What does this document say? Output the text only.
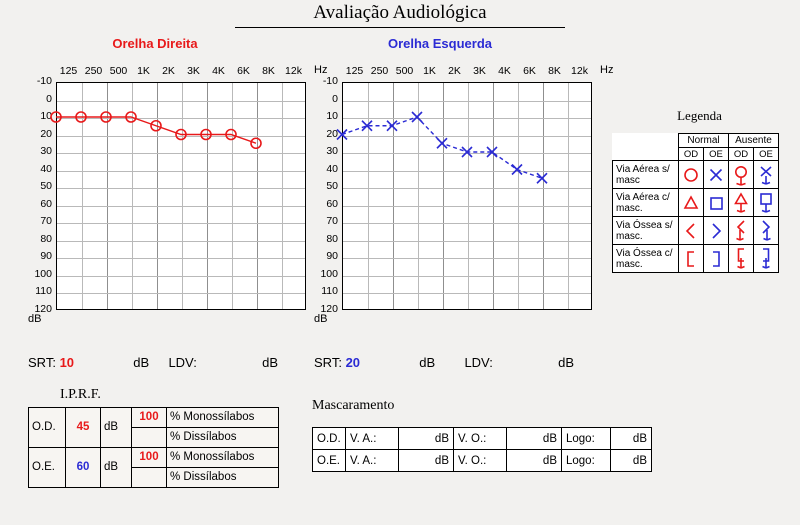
Avaliação Audiológica
Orelha Direita	Orelha Esquerda
125 250 500 1K	2K	3K	4K	6K	8K 12k	Hz
-10
0
10
20
30
40
50
60
70
80
90
100
110
120
dB
125 250 500 1K	2K	3K	4K	6K	8K 12k	Hz
-10
0
10
20
30
40
50
60
70
80
90
100
110
120
dB
SRT: 10	dB LDV:	dB	SRT: 20	dB LDV:	dB
I.P.R.F.
O.D.	45	dB	100	% Monossílabos
				% Dissílabos
O.E.	60	dB	100	% Monossílabos
				% Dissílabos
Mascaramento
O.D.	V. A.:	dB	V. O.:	dB	Logo:	dB
O.E.	V. A.:	dB	V. O.:	dB	Logo:	dB
Legenda
	Normal		Ausente	
	OD	OE	OD	OE
Via Aérea s/ masc	

Via Aérea c/ masc.	

Via Óssea s/ masc.	

Via Óssea c/ masc.	
